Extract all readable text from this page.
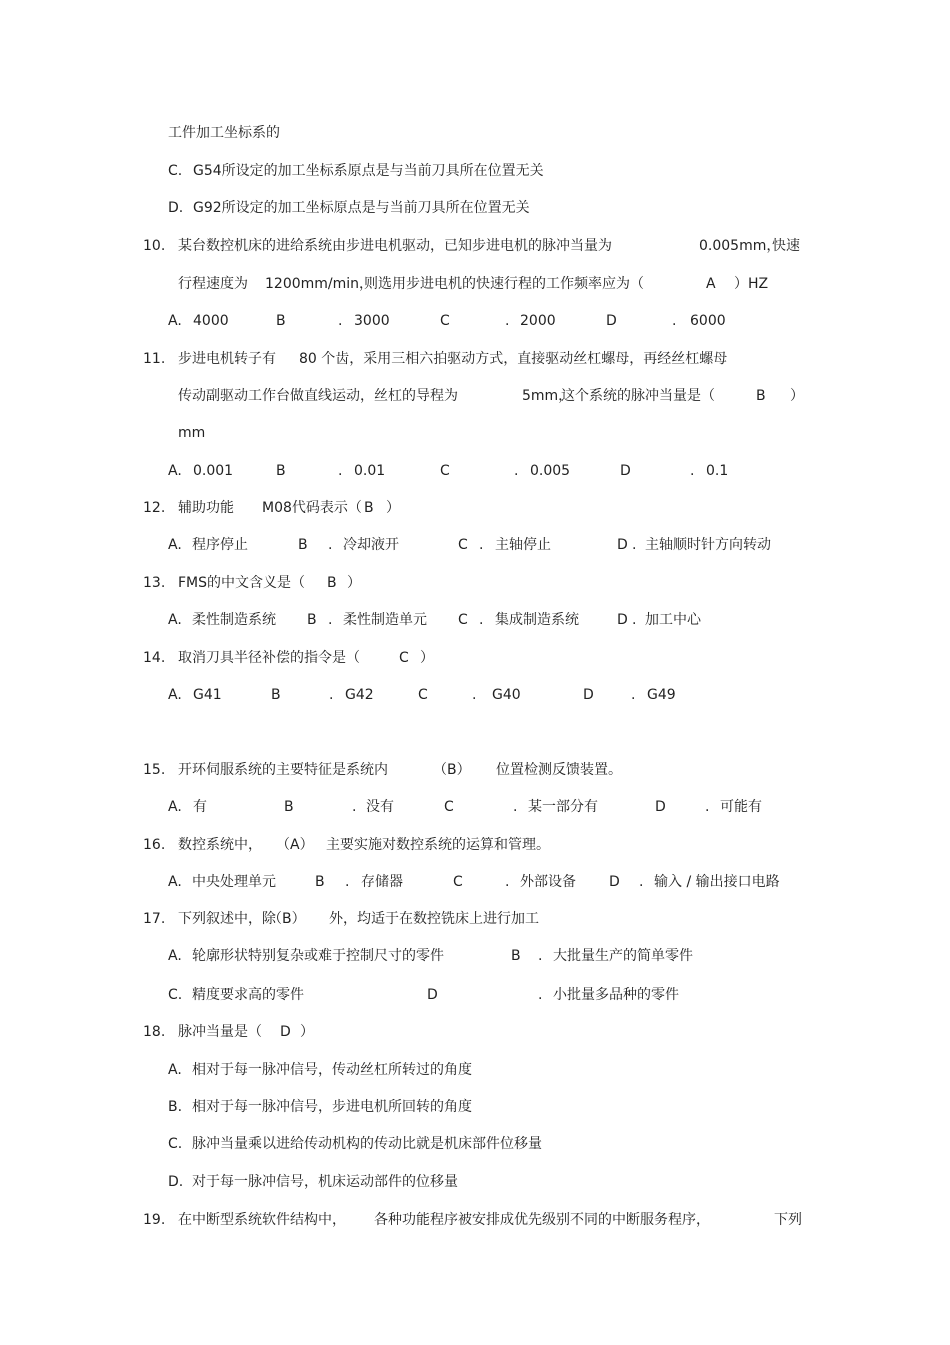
工件加工坐标系的
C. G54所设定的加工坐标系原点是与当前刀具所在位置无关
D. G92所设定的加工坐标原点是与当前刀具所在位置无关
10. 某台数控机床的进给系统由步进电机驱动，已知步进电机的脉冲当量为	0.005mm，
快速
行程速度为 1200mm/min，
则选用步进电机的快速行程的工作频率应为（	A ）HZ
A. 4000	B	. 3000	C	. 2000	D	. 6000
11. 步进电机转子有 80 个齿，采用三相六拍驱动方式，直接驱动丝杠螺母，再经丝杠螺母
传动副驱动工作台做直线运动，丝杠的导程为	5mm，
这个系统的脉冲当量是（	B ）
mm
A. 0.001	B	. 0.01	C	. 0.005	D	. 0.1
12. 辅助功能 M08代码表示（ B ）
A. 程序停止	B . 冷却液开	C . 主轴停止	D . 主轴顺时针方向转动
13. FMS的中文含义是（ B ）
A. 柔性制造系统 B . 柔性制造单元 C . 集成制造系统	D . 加工中心
14. 取消刀具半径补偿的指令是（	C ）
A. G41	B	. G42	C	. G40	D	. G49
15. 开环伺服系统的主要特征是系统内	（B） 位置检测反馈装置。
A. 有	B	. 没有	C	. 某一部分有	D	. 可能有
16. 数控系统中， （A） 主要实施对数控系统的运算和管理。
A. 中央处理单元	B . 存储器	C	. 外部设备 D . 输入 / 输出接口电路
17. 下列叙述中，除
（B） 外，均适于在数控铣床上进行加工
A. 轮廓形状特别复杂或难于控制尺寸的零件	B . 大批量生产的简单零件
C. 精度要求高的零件	D	. 小批量多品种的零件
18. 脉冲当量是（ D ）
A. 相对于每一脉冲信号，传动丝杠所转过的角度
B. 相对于每一脉冲信号，步进电机所回转的角度
C. 脉冲当量乘以进给传动机构的传动比就是机床部件位移量
D. 对于每一脉冲信号，机床运动部件的位移量
19. 在中断型系统软件结构中， 各种功能程序被安排成优先级别不同的中断服务程序，	下列
